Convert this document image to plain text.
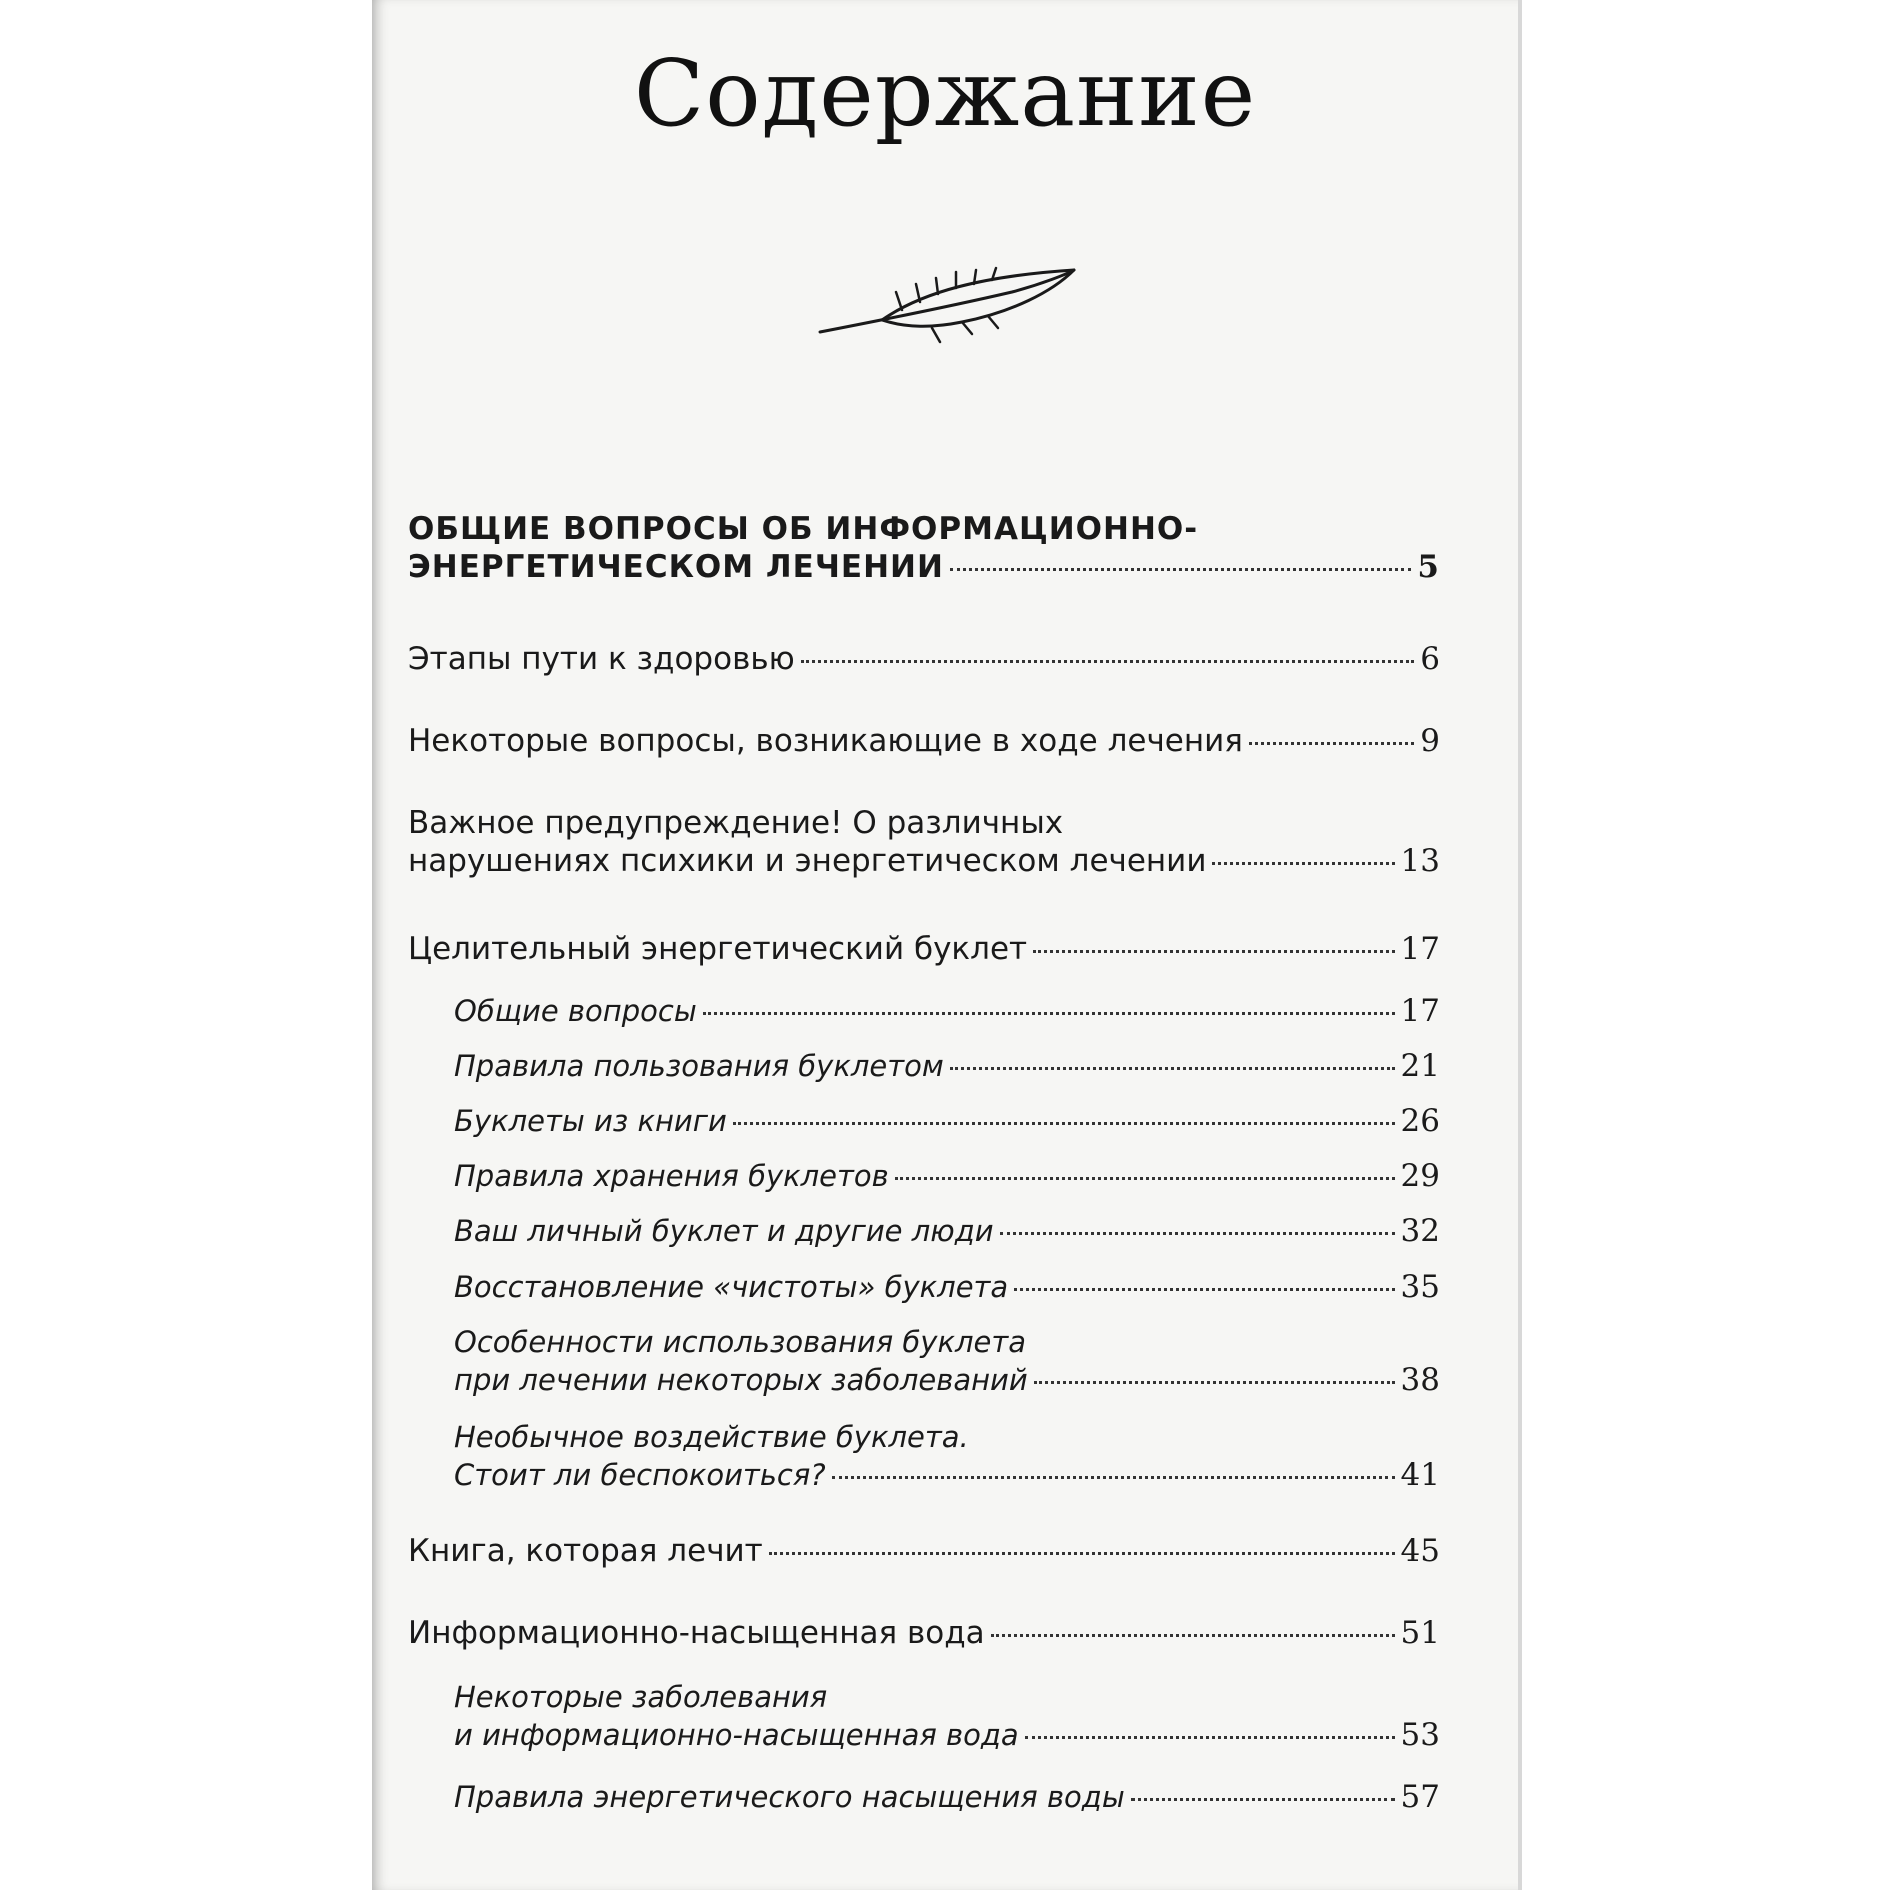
Содержание
ОБЩИЕ ВОПРОСЫ ОБ ИНФОРМАЦИОННО-
ЭНЕРГЕТИЧЕСКОМ ЛЕЧЕНИИ	5
Этапы пути к здоровью	6
Некоторые вопросы, возникающие в ходе лечения	9
Важное предупреждение! О различных
нарушениях психики и энергетическом лечении	13
Целительный энергетический буклет	17
Общие вопросы	17
Правила пользования буклетом	21
Буклеты из книги	26
Правила хранения буклетов	29
Ваш личный буклет и другие люди	32
Восстановление «чистоты» буклета	35
Особенности использования буклета
при лечении некоторых заболеваний	38
Необычное воздействие буклета.
Стоит ли беспокоиться?	41
Книга, которая лечит	45
Информационно-насыщенная вода	51
Некоторые заболевания
и информационно-насыщенная вода	53
Правила энергетического насыщения воды	57
